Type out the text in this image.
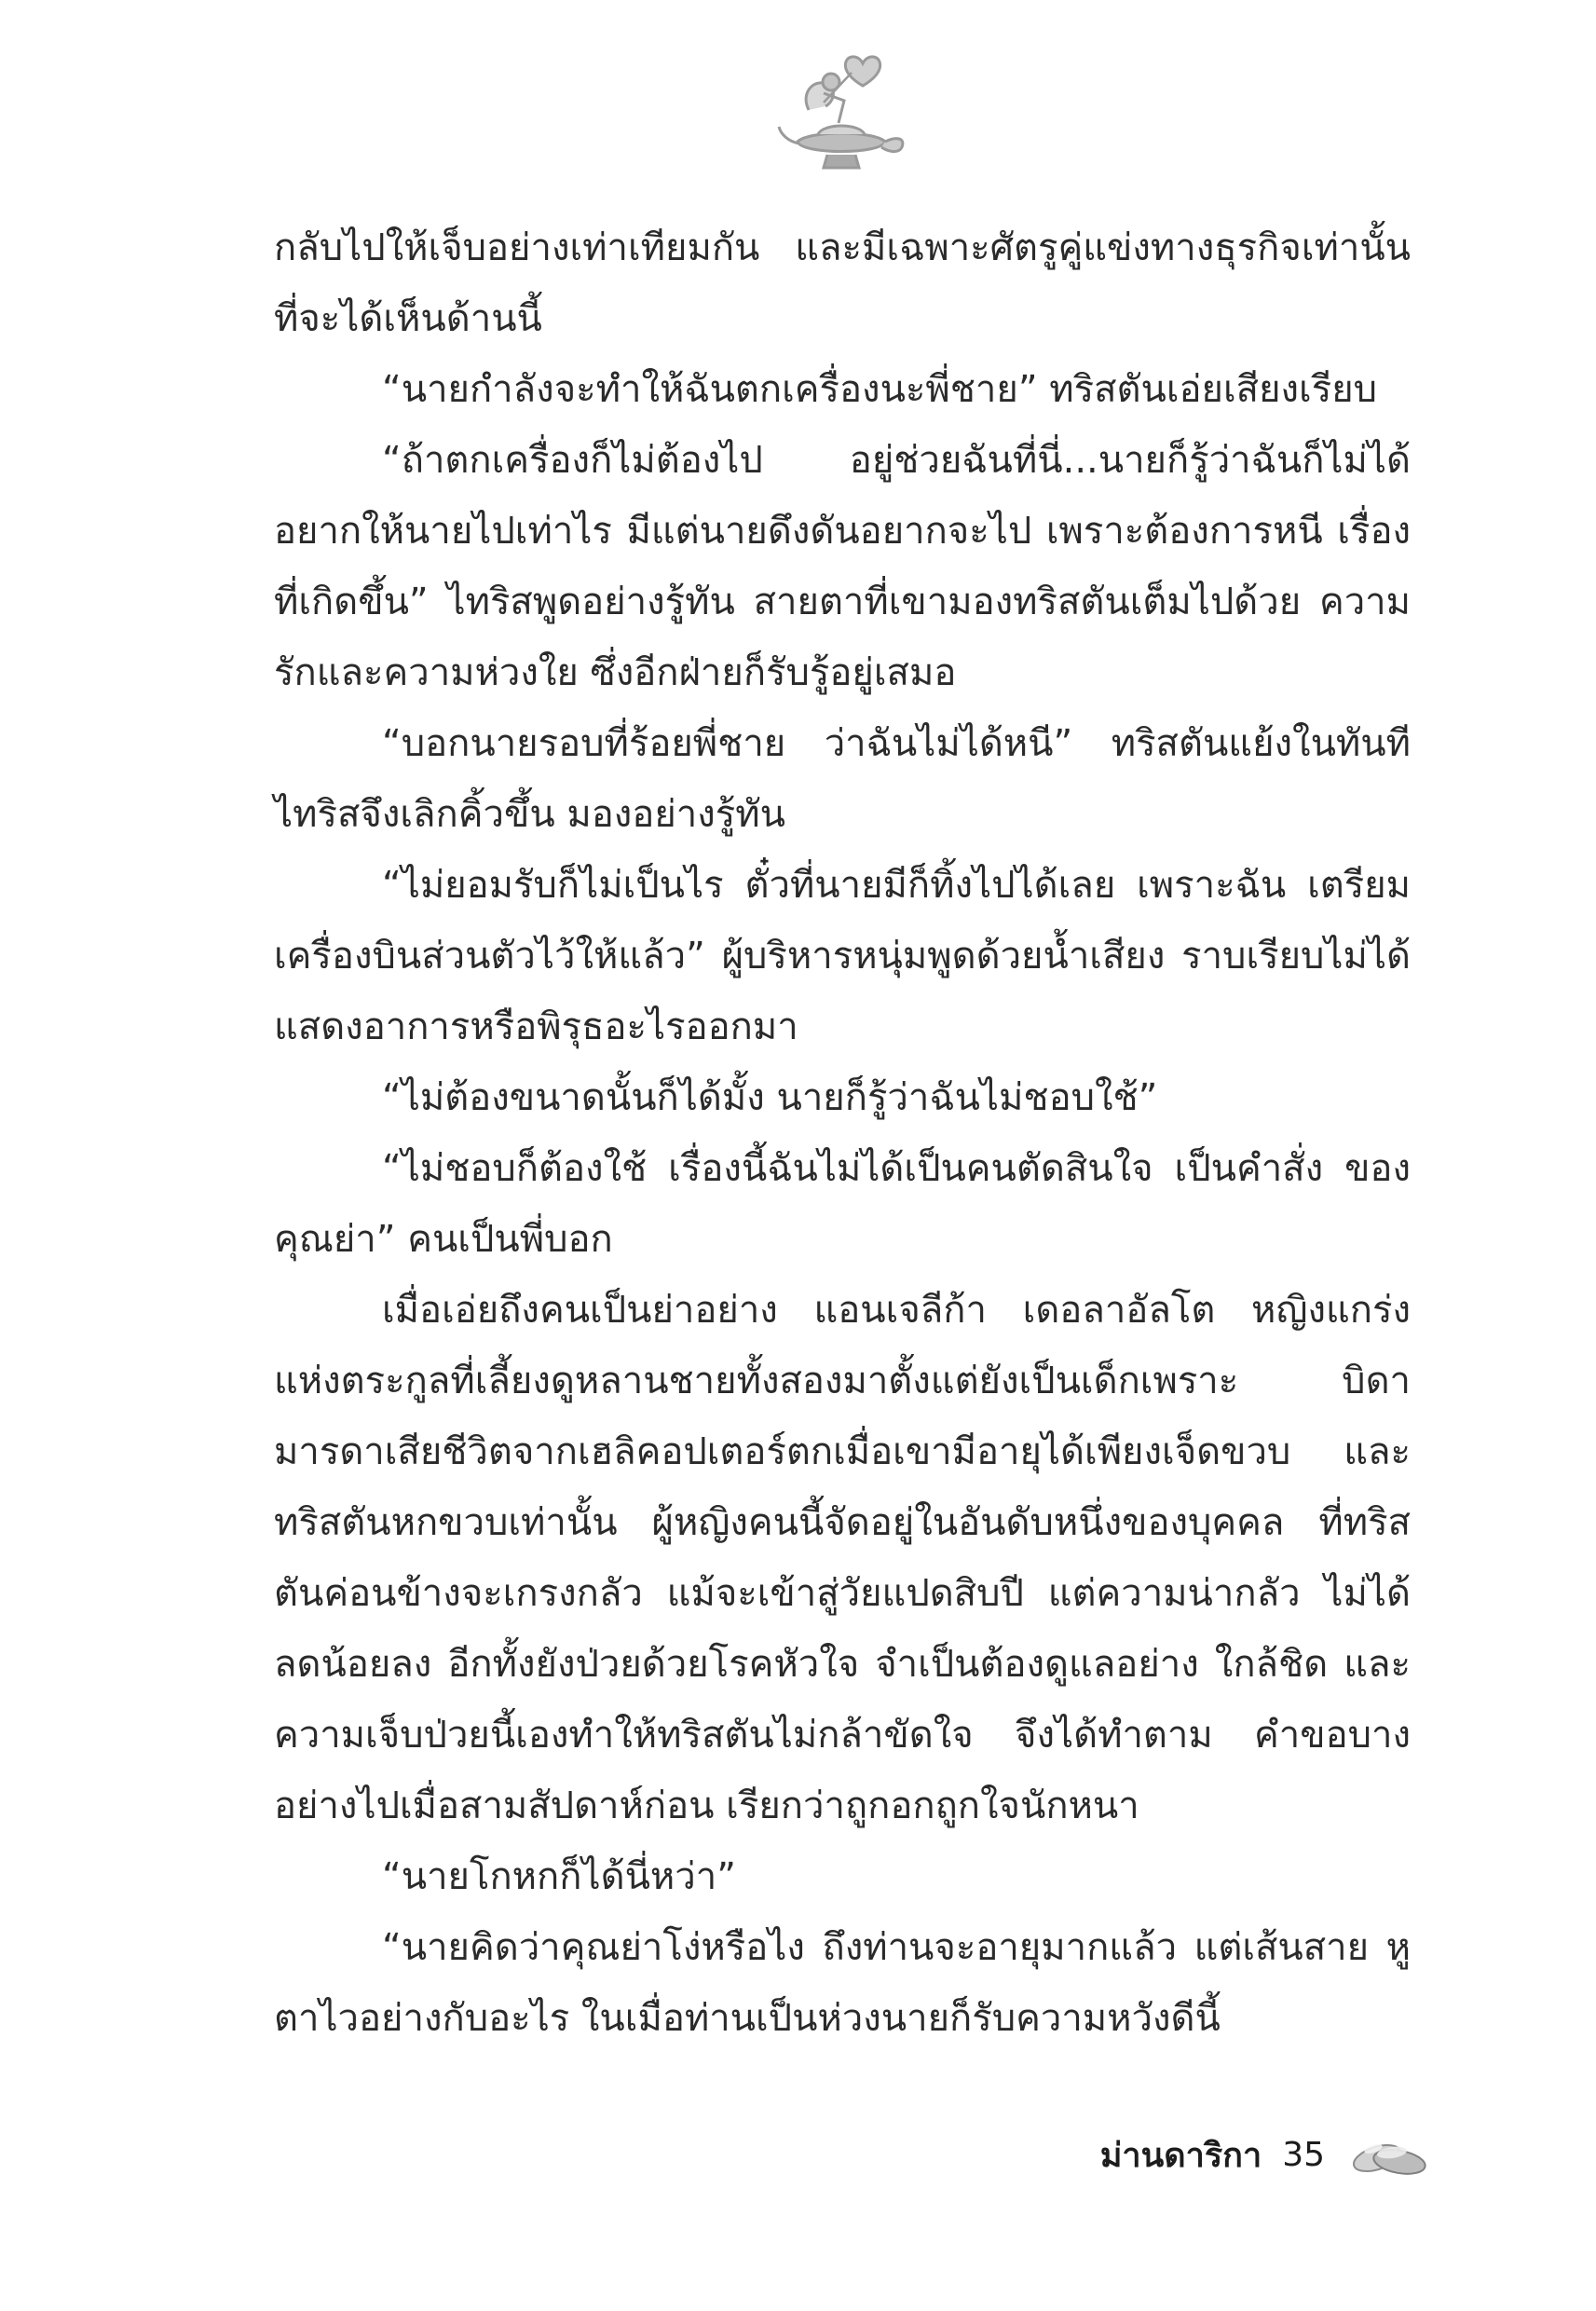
กลับไปให้เจ็บอย่างเท่าเทียมกัน และมีเฉพาะศัตรูคู่แข่งทางธุรกิจเท่านั้น ที่จะได้เห็นด้านนี้

“นายกำลังจะทำให้ฉันตกเครื่องนะพี่ชาย” ทริสตันเอ่ยเสียงเรียบ

“ถ้าตกเครื่องก็ไม่ต้องไป อยู่ช่วยฉันที่นี่...นายก็รู้ว่าฉันก็ไม่ได้ อยากให้นายไปเท่าไร มีแต่นายดึงดันอยากจะไป เพราะต้องการหนี เรื่องที่เกิดขึ้น” ไทริสพูดอย่างรู้ทัน สายตาที่เขามองทริสตันเต็มไปด้วย ความรักและความห่วงใย ซึ่งอีกฝ่ายก็รับรู้อยู่เสมอ

“บอกนายรอบที่ร้อยพี่ชาย ว่าฉันไม่ได้หนี” ทริสตันแย้งในทันที ไทริสจึงเลิกคิ้วขึ้น มองอย่างรู้ทัน

“ไม่ยอมรับก็ไม่เป็นไร ตั๋วที่นายมีก็ทิ้งไปได้เลย เพราะฉัน เตรียมเครื่องบินส่วนตัวไว้ให้แล้ว” ผู้บริหารหนุ่มพูดด้วยน้ำเสียง ราบเรียบไม่ได้แสดงอาการหรือพิรุธอะไรออกมา

“ไม่ต้องขนาดนั้นก็ได้มั้ง นายก็รู้ว่าฉันไม่ชอบใช้”

“ไม่ชอบก็ต้องใช้ เรื่องนี้ฉันไม่ได้เป็นคนตัดสินใจ เป็นคำสั่ง ของคุณย่า” คนเป็นพี่บอก

เมื่อเอ่ยถึงคนเป็นย่าอย่าง แอนเจลีก้า เดอลาอัลโต หญิงแกร่ง แห่งตระกูลที่เลี้ยงดูหลานชายทั้งสองมาตั้งแต่ยังเป็นเด็กเพราะ บิดามารดาเสียชีวิตจากเฮลิคอปเตอร์ตกเมื่อเขามีอายุได้เพียงเจ็ดขวบ และทริสตันหกขวบเท่านั้น ผู้หญิงคนนี้จัดอยู่ในอันดับหนึ่งของบุคคล ที่ทริสตันค่อนข้างจะเกรงกลัว แม้จะเข้าสู่วัยแปดสิบปี แต่ความน่ากลัว ไม่ได้ลดน้อยลง อีกทั้งยังป่วยด้วยโรคหัวใจ จำเป็นต้องดูแลอย่าง ใกล้ชิด และความเจ็บป่วยนี้เองทำให้ทริสตันไม่กล้าขัดใจ จึงได้ทำตาม คำขอบางอย่างไปเมื่อสามสัปดาห์ก่อน เรียกว่าถูกอกถูกใจนักหนา

“นายโกหกก็ได้นี่หว่า”

“นายคิดว่าคุณย่าโง่หรือไง ถึงท่านจะอายุมากแล้ว แต่เส้นสาย หูตาไวอย่างกับอะไร ในเมื่อท่านเป็นห่วงนายก็รับความหวังดีนี้

ม่านดาริกา 35
